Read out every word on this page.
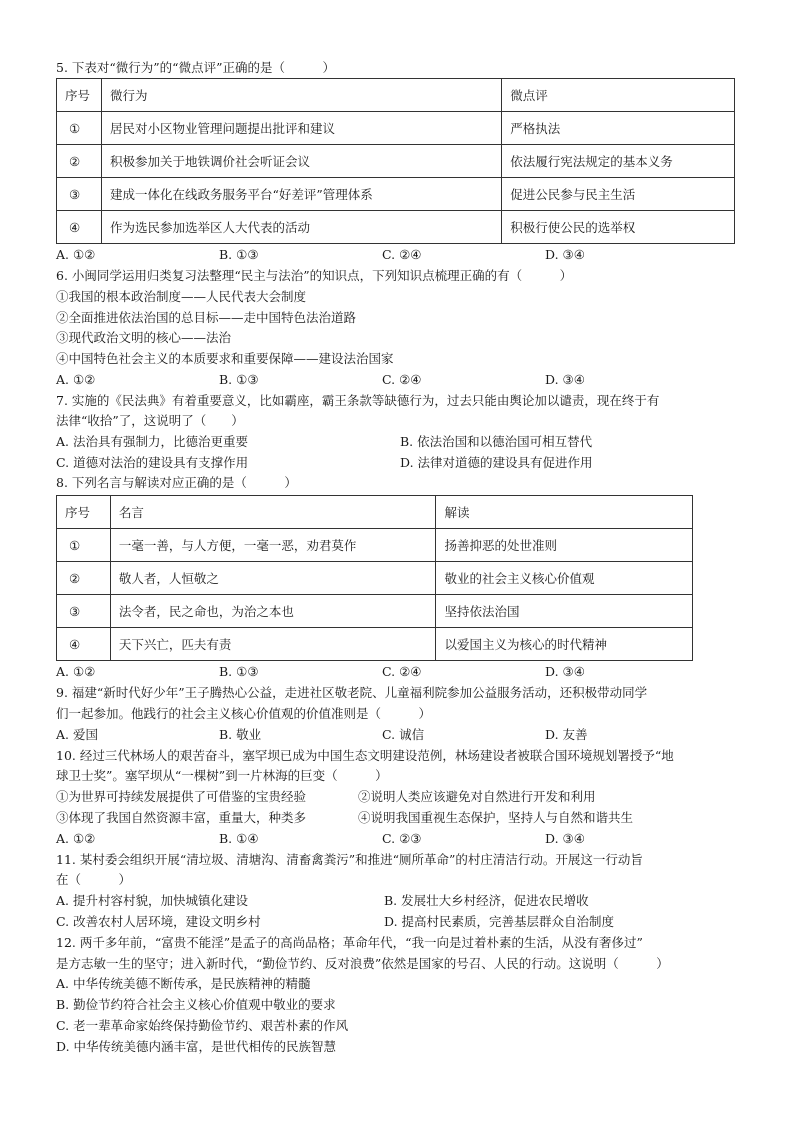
5. 下表对“微行为”的“微点评”正确的是（　　　）
序号	微行为	微点评
①	居民对小区物业管理问题提出批评和建议	严格执法
②	积极参加关于地铁调价社会听证会议	依法履行宪法规定的基本义务
③	建成一体化在线政务服务平台“好差评”管理体系	促进公民参与民主生活
④	作为选民参加选举区人大代表的活动	积极行使公民的选举权
A. ①②	B. ①③	C. ②④	D. ③④
6. 小闽同学运用归类复习法整理“民主与法治”的知识点，下列知识点梳理正确的有（　　　）
①我国的根本政治制度——人民代表大会制度
②全面推进依法治国的总目标——走中国特色法治道路
③现代政治文明的核心——法治
④中国特色社会主义的本质要求和重要保障——建设法治国家
A. ①②	B. ①③	C. ②④	D. ③④
7. 实施的《民法典》有着重要意义，比如霸座，霸王条款等缺德行为，过去只能由舆论加以谴责，现在终于有
法律“收拾”了，这说明了（　　）
A. 法治具有强制力，比德治更重要	B. 依法治国和以德治国可相互替代
C. 道德对法治的建设具有支撑作用	D. 法律对道德的建设具有促进作用
8. 下列名言与解读对应正确的是（　　　）
序号	名言	解读
①	一毫一善，与人方便，一毫一恶，劝君莫作	扬善抑恶的处世准则
②	敬人者，人恒敬之	敬业的社会主义核心价值观
③	法令者，民之命也，为治之本也	坚持依法治国
④	天下兴亡，匹夫有责	以爱国主义为核心的时代精神
A. ①②	B. ①③	C. ②④	D. ③④
9. 福建“新时代好少年”王子腾热心公益，走进社区敬老院、儿童福利院参加公益服务活动，还积极带动同学
们一起参加。他践行的社会主义核心价值观的价值准则是（　　　）
A. 爱国	B. 敬业	C. 诚信	D. 友善
10. 经过三代林场人的艰苦奋斗，塞罕坝已成为中国生态文明建设范例，林场建设者被联合国环境规划署授予“地
球卫士奖”。塞罕坝从“一棵树”到一片林海的巨变（　　　）
①为世界可持续发展提供了可借鉴的宝贵经验	②说明人类应该避免对自然进行开发和利用
③体现了我国自然资源丰富，重量大，种类多	④说明我国重视生态保护，坚持人与自然和谐共生
A. ①②	B. ①④	C. ②③	D. ③④
11. 某村委会组织开展“清垃圾、清塘沟、清畜禽粪污”和推进“厕所革命”的村庄清洁行动。开展这一行动旨
在（　　　）
A. 提升村容村貌，加快城镇化建设	B. 发展壮大乡村经济，促进农民增收
C. 改善农村人居环境，建设文明乡村	D. 提高村民素质，完善基层群众自治制度
12. 两千多年前，“富贵不能淫”是孟子的高尚品格；革命年代，“我一向是过着朴素的生活，从没有奢侈过”
是方志敏一生的坚守；进入新时代，“勤俭节约、反对浪费”依然是国家的号召、人民的行动。这说明（　　　）
A. 中华传统美德不断传承，是民族精神的精髓
B. 勤俭节约符合社会主义核心价值观中敬业的要求
C. 老一辈革命家始终保持勤俭节约、艰苦朴素的作风
D. 中华传统美德内涵丰富，是世代相传的民族智慧
